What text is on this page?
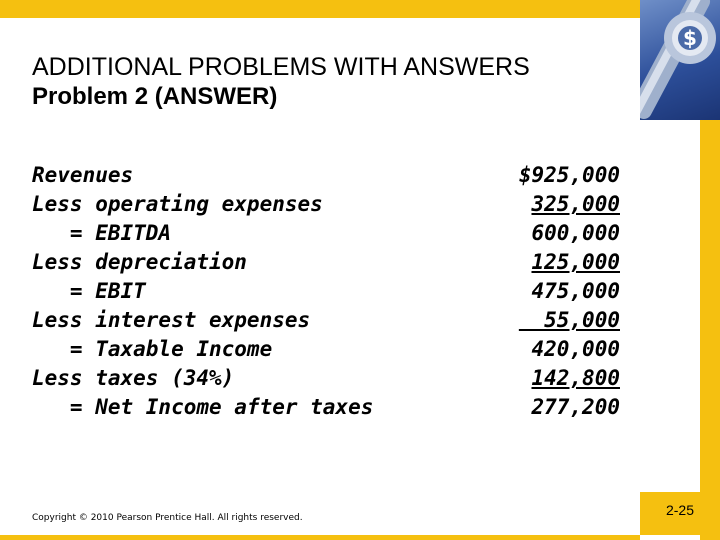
$
ADDITIONAL PROBLEMS WITH ANSWERS
Problem 2 (ANSWER)
Revenues
Less operating expenses
= EBITDA
Less depreciation
= EBIT
Less interest expenses
= Taxable Income
Less taxes (34%)
= Net Income after taxes
$925,000
325,000
600,000
125,000
475,000
55,000
420,000
142,800
277,200
Copyright © 2010 Pearson Prentice Hall. All rights reserved.	2-25
